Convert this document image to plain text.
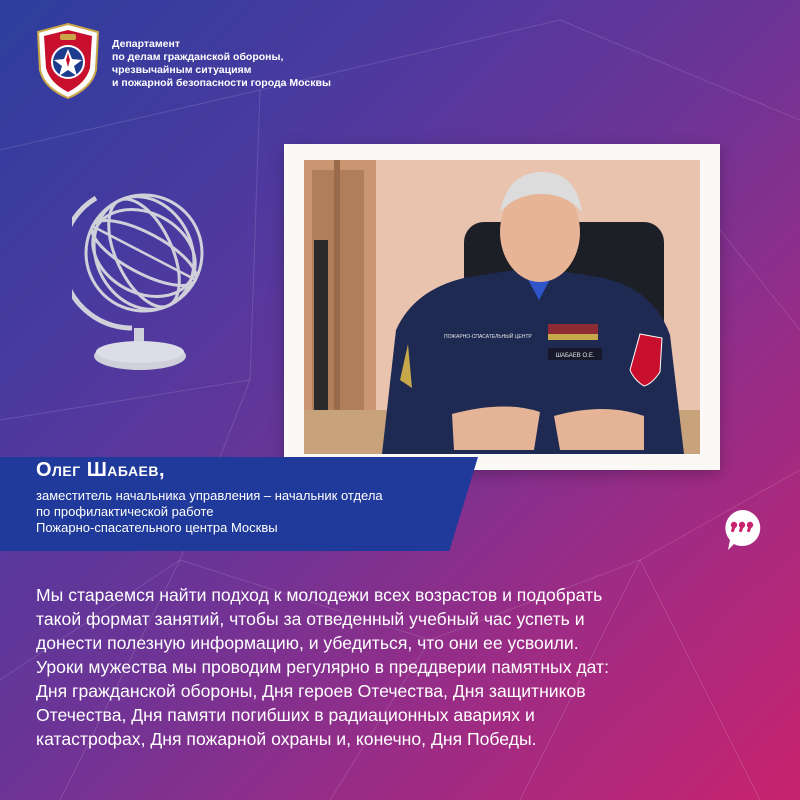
Департамент
по делам гражданской обороны,
чрезвычайным ситуациям
и пожарной безопасности города Москвы
ШАБАЕВ О.Е.
ПОЖАРНО-СПАСАТЕЛЬНЫЙ ЦЕНТР
Олег Шабаев,
заместитель начальника управления – начальник отдела
по профилактической работе
Пожарно-спасательного центра Москвы
Мы стараемся найти подход к молодежи всех возрастов и подобрать
такой формат занятий, чтобы за отведенный учебный час успеть и
донести полезную информацию, и убедиться, что они ее усвоили.
Уроки мужества мы проводим регулярно в преддверии памятных дат:
Дня гражданской обороны, Дня героев Отечества, Дня защитников
Отечества, Дня памяти погибших в радиационных авариях и
катастрофах, Дня пожарной охраны и, конечно, Дня Победы.
